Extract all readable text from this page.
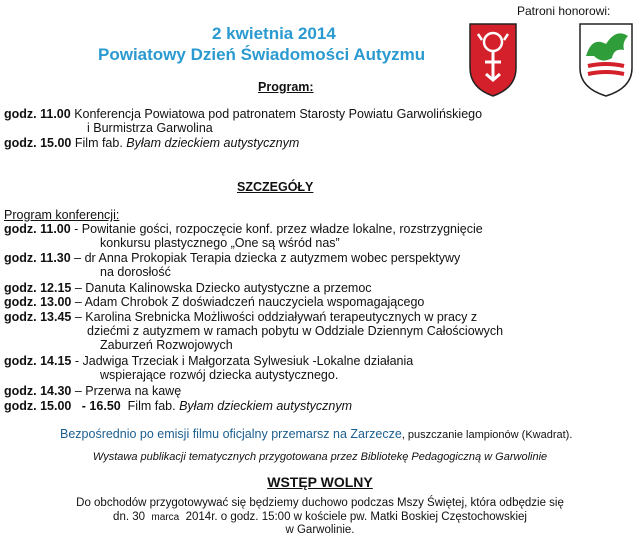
2 kwietnia 2014
Powiatowy Dzień Świadomości Autyzmu
Patroni honorowi:
Program:
godz. 11.00 Konferencja Powiatowa pod patronatem Starosty Powiatu Garwolińskiego
i Burmistrza Garwolina
godz. 15.00 Film fab. Byłam dzieckiem autystycznym
SZCZEGÓŁY
Program konferencji:
godz. 11.00 - Powitanie gości, rozpoczęcie konf. przez władze lokalne, rozstrzygnięcie
konkursu plastycznego „One są wśród nas”
godz. 11.30 – dr Anna Prokopiak Terapia dziecka z autyzmem wobec perspektywy
na dorosłość
godz. 12.15 – Danuta Kalinowska Dziecko autystyczne a przemoc
godz. 13.00 – Adam Chrobok Z doświadczeń nauczyciela wspomagającego
godz. 13.45 – Karolina Srebnicka Możliwości oddziaływań terapeutycznych w pracy z
dziećmi z autyzmem w ramach pobytu w Oddziale Dziennym Całościowych
Zaburzeń Rozwojowych
godz. 14.15 - Jadwiga Trzeciak i Małgorzata Sylwesiuk -Lokalne działania
wspierające rozwój dziecka autystycznego.
godz. 14.30 – Przerwa na kawę
godz. 15.00   - 16.50  Film fab. Byłam dzieckiem autystycznym
Bezpośrednio po emisji filmu oficjalny przemarsz na Zarzecze, puszczanie lampionów (Kwadrat).
Wystawa publikacji tematycznych przygotowana przez Bibliotekę Pedagogiczną w Garwolinie
WSTĘP WOLNY
Do obchodów przygotowywać się będziemy duchowo podczas Mszy Świętej, która odbędzie się
dn. 30 marca 2014r. o godz. 15:00 w kościele pw. Matki Boskiej Częstochowskiej
w Garwolinie.
